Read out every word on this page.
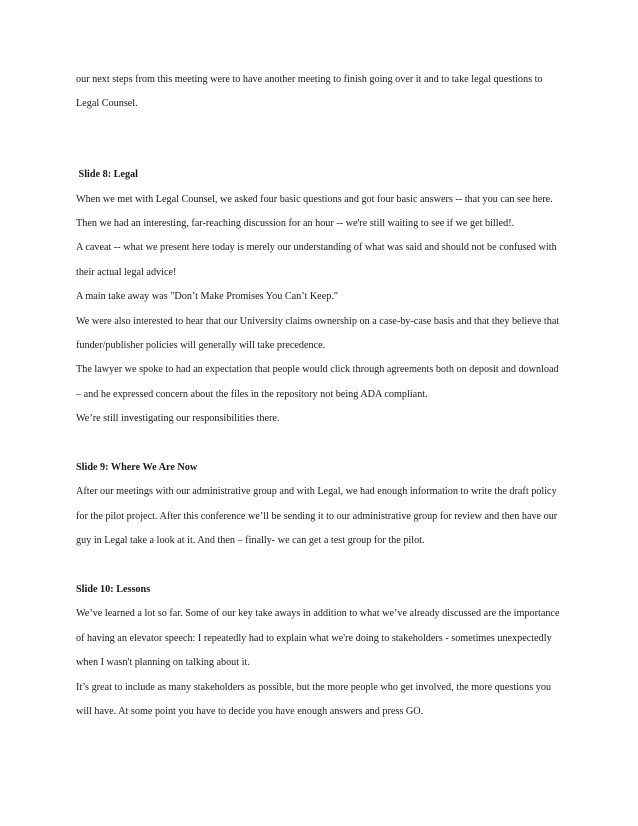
our next steps from this meeting were to have another meeting to finish going over it and to take legal questions to Legal Counsel.

Slide 8: Legal

When we met with Legal Counsel, we asked four basic questions and got four basic answers -- that you can see here. Then we had an interesting, far-reaching discussion for an hour -- we're still waiting to see if we get billed!.

A caveat -- what we present here today is merely our understanding of what was said and should not be confused with their actual legal advice!

A main take away was "Don’t Make Promises You Can’t Keep."

We were also interested to hear that our University claims ownership on a case-by-case basis and that they believe that funder/publisher policies will generally will take precedence.

The lawyer we spoke to had an expectation that people would click through agreements both on deposit and download – and he expressed concern about the files in the repository not being ADA compliant.

We’re still investigating our responsibilities there.

Slide 9: Where We Are Now

After our meetings with our administrative group and with Legal, we had enough information to write the draft policy for the pilot project. After this conference we’ll be sending it to our administrative group for review and then have our guy in Legal take a look at it. And then – finally- we can get a test group for the pilot.

Slide 10: Lessons

We’ve learned a lot so far. Some of our key take aways in addition to what we’ve already discussed are the importance of having an elevator speech: I repeatedly had to explain what we're doing to stakeholders - sometimes unexpectedly when I wasn't planning on talking about it.

It’s great to include as many stakeholders as possible, but the more people who get involved, the more questions you will have. At some point you have to decide you have enough answers and press GO.
